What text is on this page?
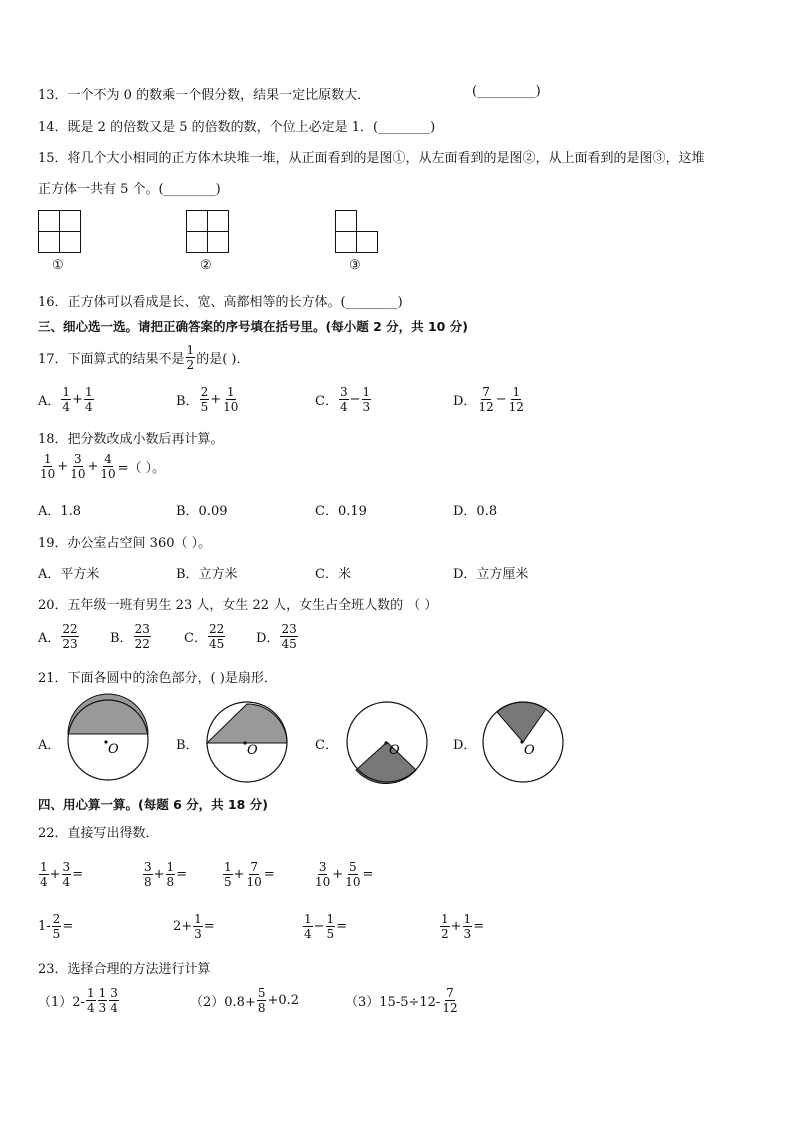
13．一个不为 0 的数乘一个假分数，结果一定比原数大．	(_________)
14．既是 2 的倍数又是 5 的倍数的数，个位上必定是 1．(________)
15．将几个大小相同的正方体木块堆一堆，从正面看到的是图①，从左面看到的是图②，从上面看到的是图③，这堆
正方体一共有 5 个。(________)
①	②	③
16．正方体可以看成是长、宽、高都相等的长方体。(________)
三、细心选一选。请把正确答案的序号填在括号里。(每小题 2 分，共 10 分)
17．下面算式的结果不是 $\frac{1}{2}$ 的是( )．
A． $\frac{1}{4} + \frac{1}{4}$	B． $\frac{2}{5} + \frac{1}{10}$	C． $\frac{3}{4} - \frac{1}{3}$	D． $\frac{7}{12} - \frac{1}{12}$
18．把分数改成小数后再计算。
$\frac{1}{10} + \frac{3}{10} + \frac{4}{10}$ =（ ）。
A．1.8	B．0.09	C．0.19	D．0.8
19．办公室占空间 360（ ）。
A．平方米	B．立方米	C．米	D．立方厘米
20．五年级一班有男生 23 人，女生 22 人，女生占全班人数的 （ ）
A． $\frac{22}{23}$ B． $\frac{23}{22}$	C． $\frac{22}{45}$ D． $\frac{23}{45}$
21．下面各圆中的涂色部分，( )是扇形．
A．	B．	C．	D．
O	O	O	O
四、用心算一算。(每题 6 分，共 18 分)
22．直接写出得数．
$\frac{1}{4} + \frac{3}{4}$ =	$\frac{3}{8} + \frac{1}{8}$ =	$\frac{1}{5} + \frac{7}{10}$ =	$\frac{3}{10} + \frac{5}{10}$ =
$1- \frac{2}{5}$ =	$2+ \frac{1}{3}$ =	$\frac{1}{4} - \frac{1}{5}$ =	$\frac{1}{2} + \frac{1}{3}$ =
23．选择合理的方法进行计算
$(1)2- \frac{1}{4} \frac{1}{3} \frac{3}{4}$	$(2)0.8+ \frac{5}{8} +0.2$	$(3)15-5\div 12- \frac{7}{12}$
